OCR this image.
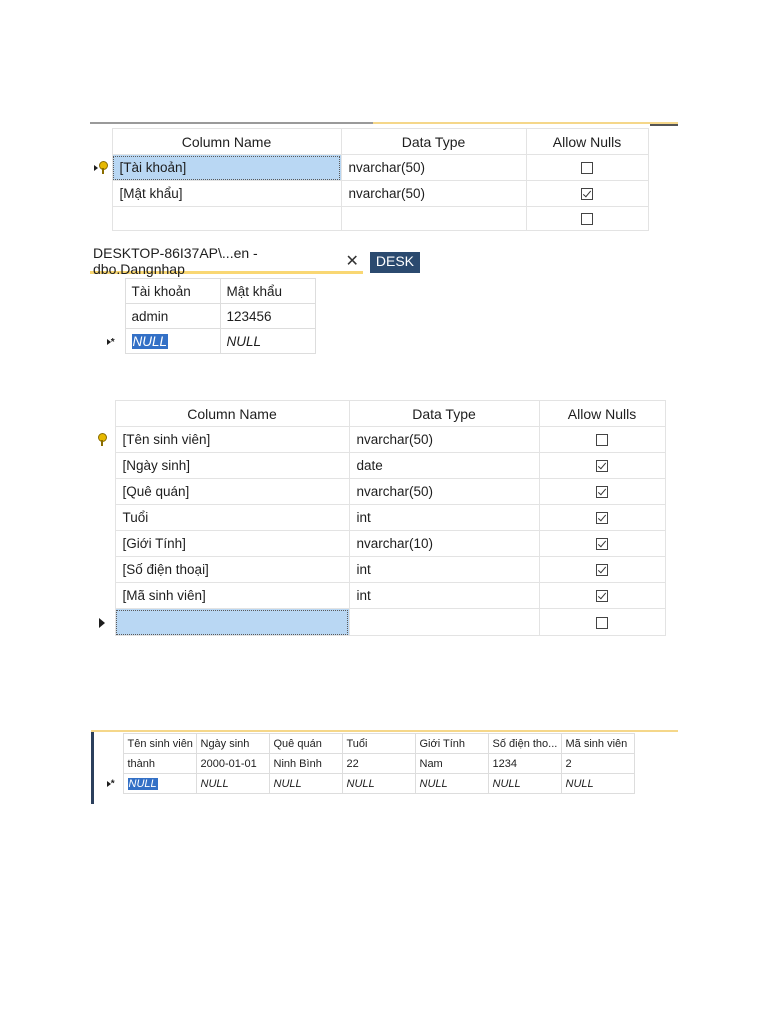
	Column Name	Data Type	Allow Nulls
	[Tài khoản]	nvarchar(50)	
	[Mật khẩu]	nvarchar(50)	

DESKTOP-86I37AP\...en - dbo.Dangnhap	✕	DESK
	Tài khoản	Mật khẩu
	admin	123456
*	NULL	NULL
	Column Name	Data Type	Allow Nulls
	[Tên sinh viên]	nvarchar(50)	
	[Ngày sinh]	date	
	[Quê quán]	nvarchar(50)	
	Tuổi	int	
	[Giới Tính]	nvarchar(10)	
	[Số điện thoại]	int	
	[Mã sinh viên]	int	

	Tên sinh viên	Ngày sinh	Quê quán	Tuổi	Giới Tính	Số điện tho...	Mã sinh viên
	thành	2000-01-01	Ninh Bình	22	Nam	1234	2
*	NULL	NULL	NULL	NULL	NULL	NULL	NULL
